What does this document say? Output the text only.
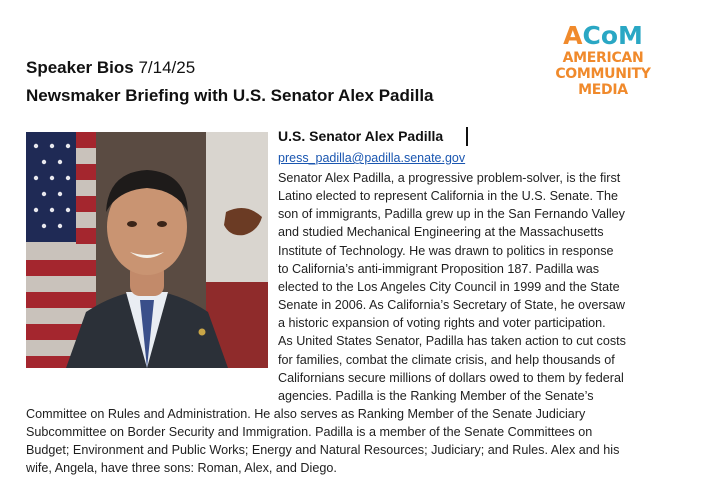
Speaker Bios 7/14/25
Newsmaker Briefing with U.S. Senator Alex Padilla
ACoM
AMERICAN
COMMUNITY
MEDIA
U.S. Senator Alex Padilla
press_padilla@padilla.senate.gov
Senator Alex Padilla, a progressive problem-solver, is the first
Latino elected to represent California in the U.S. Senate. The
son of immigrants, Padilla grew up in the San Fernando Valley
and studied Mechanical Engineering at the Massachusetts
Institute of Technology. He was drawn to politics in response
to California’s anti-immigrant Proposition 187. Padilla was
elected to the Los Angeles City Council in 1999 and the State
Senate in 2006. As California’s Secretary of State, he oversaw
a historic expansion of voting rights and voter participation.
As United States Senator, Padilla has taken action to cut costs
for families, combat the climate crisis, and help thousands of
Californians secure millions of dollars owed to them by federal
agencies. Padilla is the Ranking Member of the Senate’s
Committee on Rules and Administration. He also serves as Ranking Member of the Senate Judiciary
Subcommittee on Border Security and Immigration. Padilla is a member of the Senate Committees on
Budget; Environment and Public Works; Energy and Natural Resources; Judiciary; and Rules. Alex and his
wife, Angela, have three sons: Roman, Alex, and Diego.
